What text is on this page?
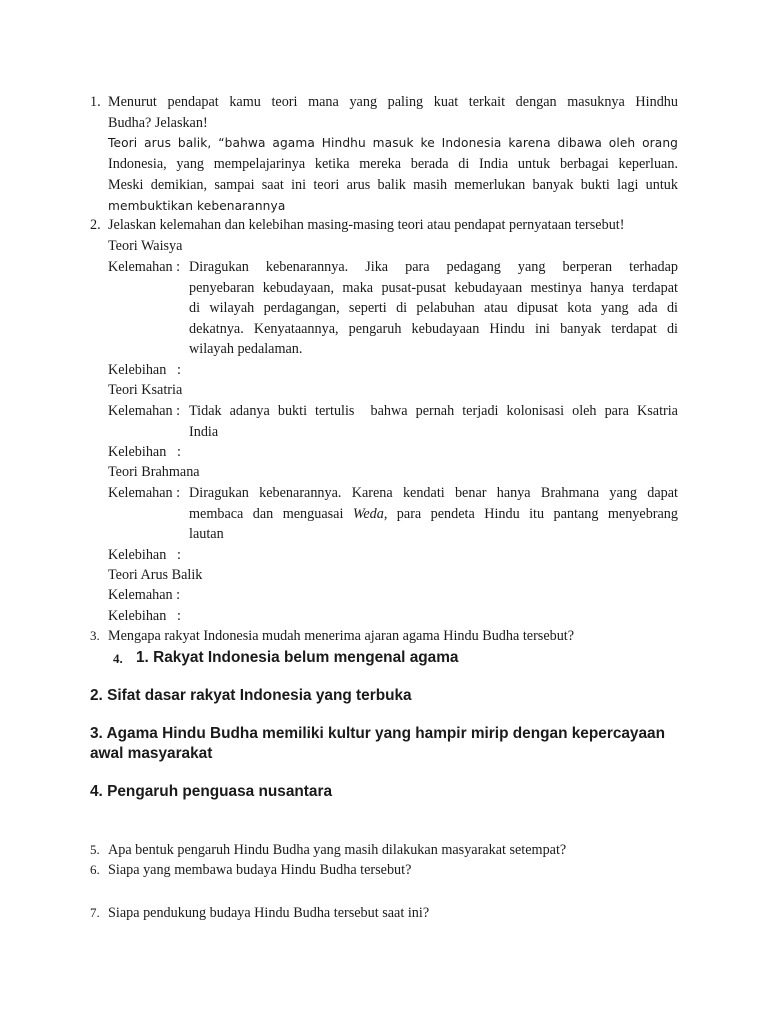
1. Menurut pendapat kamu teori mana yang paling kuat terkait dengan masuknya Hindhu
Budha? Jelaskan!
Teori arus balik, “bahwa agama Hindhu masuk ke Indonesia karena dibawa oleh orang
Indonesia, yang mempelajarinya ketika mereka berada di India untuk berbagai keperluan.
Meski demikian, sampai saat ini teori arus balik masih memerlukan banyak bukti lagi untuk
membuktikan kebenarannya
2. Jelaskan kelemahan dan kelebihan masing-masing teori atau pendapat pernyataan tersebut!
Teori Waisya
Kelemahan : Diragukan kebenarannya. Jika para pedagang yang berperan terhadap
penyebaran kebudayaan, maka pusat-pusat kebudayaan mestinya hanya terdapat
di wilayah perdagangan, seperti di pelabuhan atau dipusat kota yang ada di
dekatnya. Kenyataannya, pengaruh kebudayaan Hindu ini banyak terdapat di
wilayah pedalaman.
Kelebihan   :
Teori Ksatria
Kelemahan : Tidak adanya bukti tertulis  bahwa pernah terjadi kolonisasi oleh para Ksatria
India
Kelebihan   :
Teori Brahmana
Kelemahan : Diragukan kebenarannya. Karena kendati benar hanya Brahmana yang dapat
membaca dan menguasai Weda, para pendeta Hindu itu pantang menyebrang
lautan
Kelebihan   :
Teori Arus Balik
Kelemahan :
Kelebihan   :
3. Mengapa rakyat Indonesia mudah menerima ajaran agama Hindu Budha tersebut?
4. 1. Rakyat Indonesia belum mengenal agama
2. Sifat dasar rakyat Indonesia yang terbuka
3. Agama Hindu Budha memiliki kultur yang hampir mirip dengan kepercayaan
awal masyarakat
4. Pengaruh penguasa nusantara
5. Apa bentuk pengaruh Hindu Budha yang masih dilakukan masyarakat setempat?
6. Siapa yang membawa budaya Hindu Budha tersebut?
7. Siapa pendukung budaya Hindu Budha tersebut saat ini?
